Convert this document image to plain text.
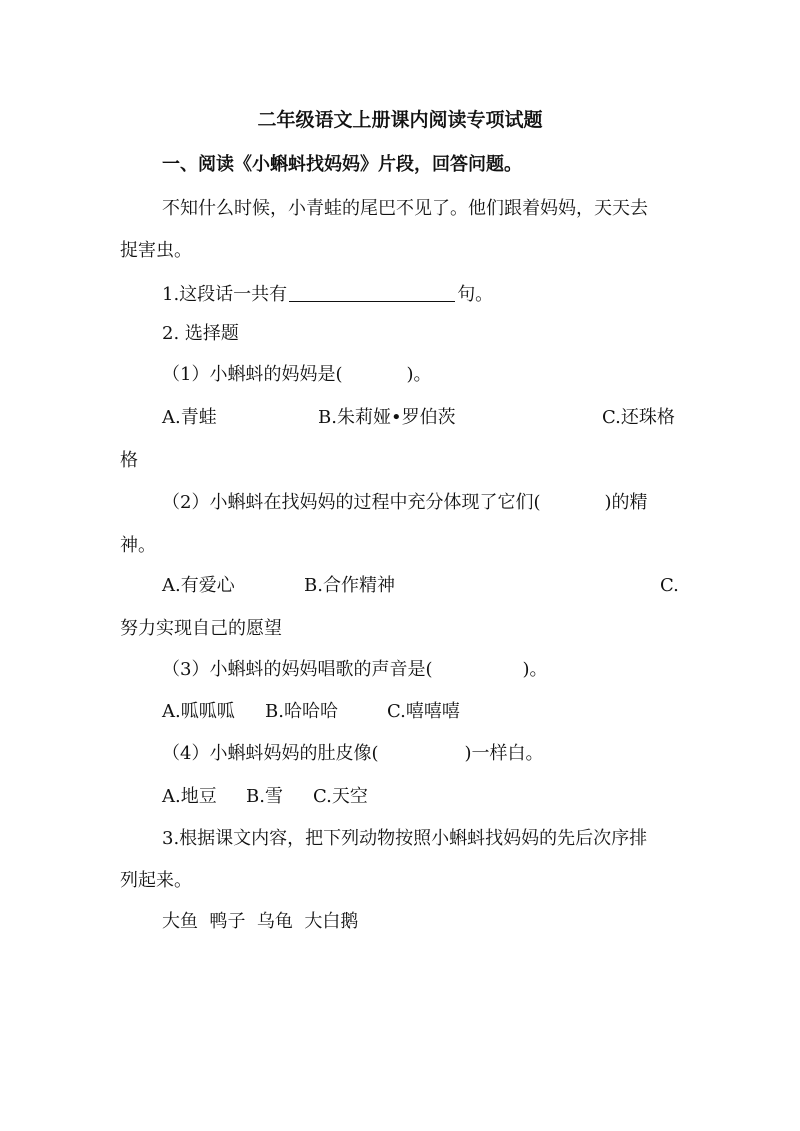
二年级语文上册课内阅读专项试题
一、阅读《小蝌蚪找妈妈》片段，回答问题。
不知什么时候，小青蛙的尾巴不见了。他们跟着妈妈，天天去
捉害虫。
1.这段话一共有	句。
2. 选择题
（1）小蝌蚪的妈妈是(	)。
A.青蛙	B.朱莉娅•罗伯茨	C.还珠格
格
（2）小蝌蚪在找妈妈的过程中充分体现了它们(	)的精
神。
A.有爱心	B.合作精神	C.
努力实现自己的愿望
（3）小蝌蚪的妈妈唱歌的声音是(	)。
A.呱呱呱 B.哈哈哈	C.嘻嘻嘻
（4）小蝌蚪妈妈的肚皮像(	)一样白。
A.地豆 B.雪 C.天空
3.根据课文内容，把下列动物按照小蝌蚪找妈妈的先后次序排
列起来。
大鱼  鸭子  乌龟  大白鹅
